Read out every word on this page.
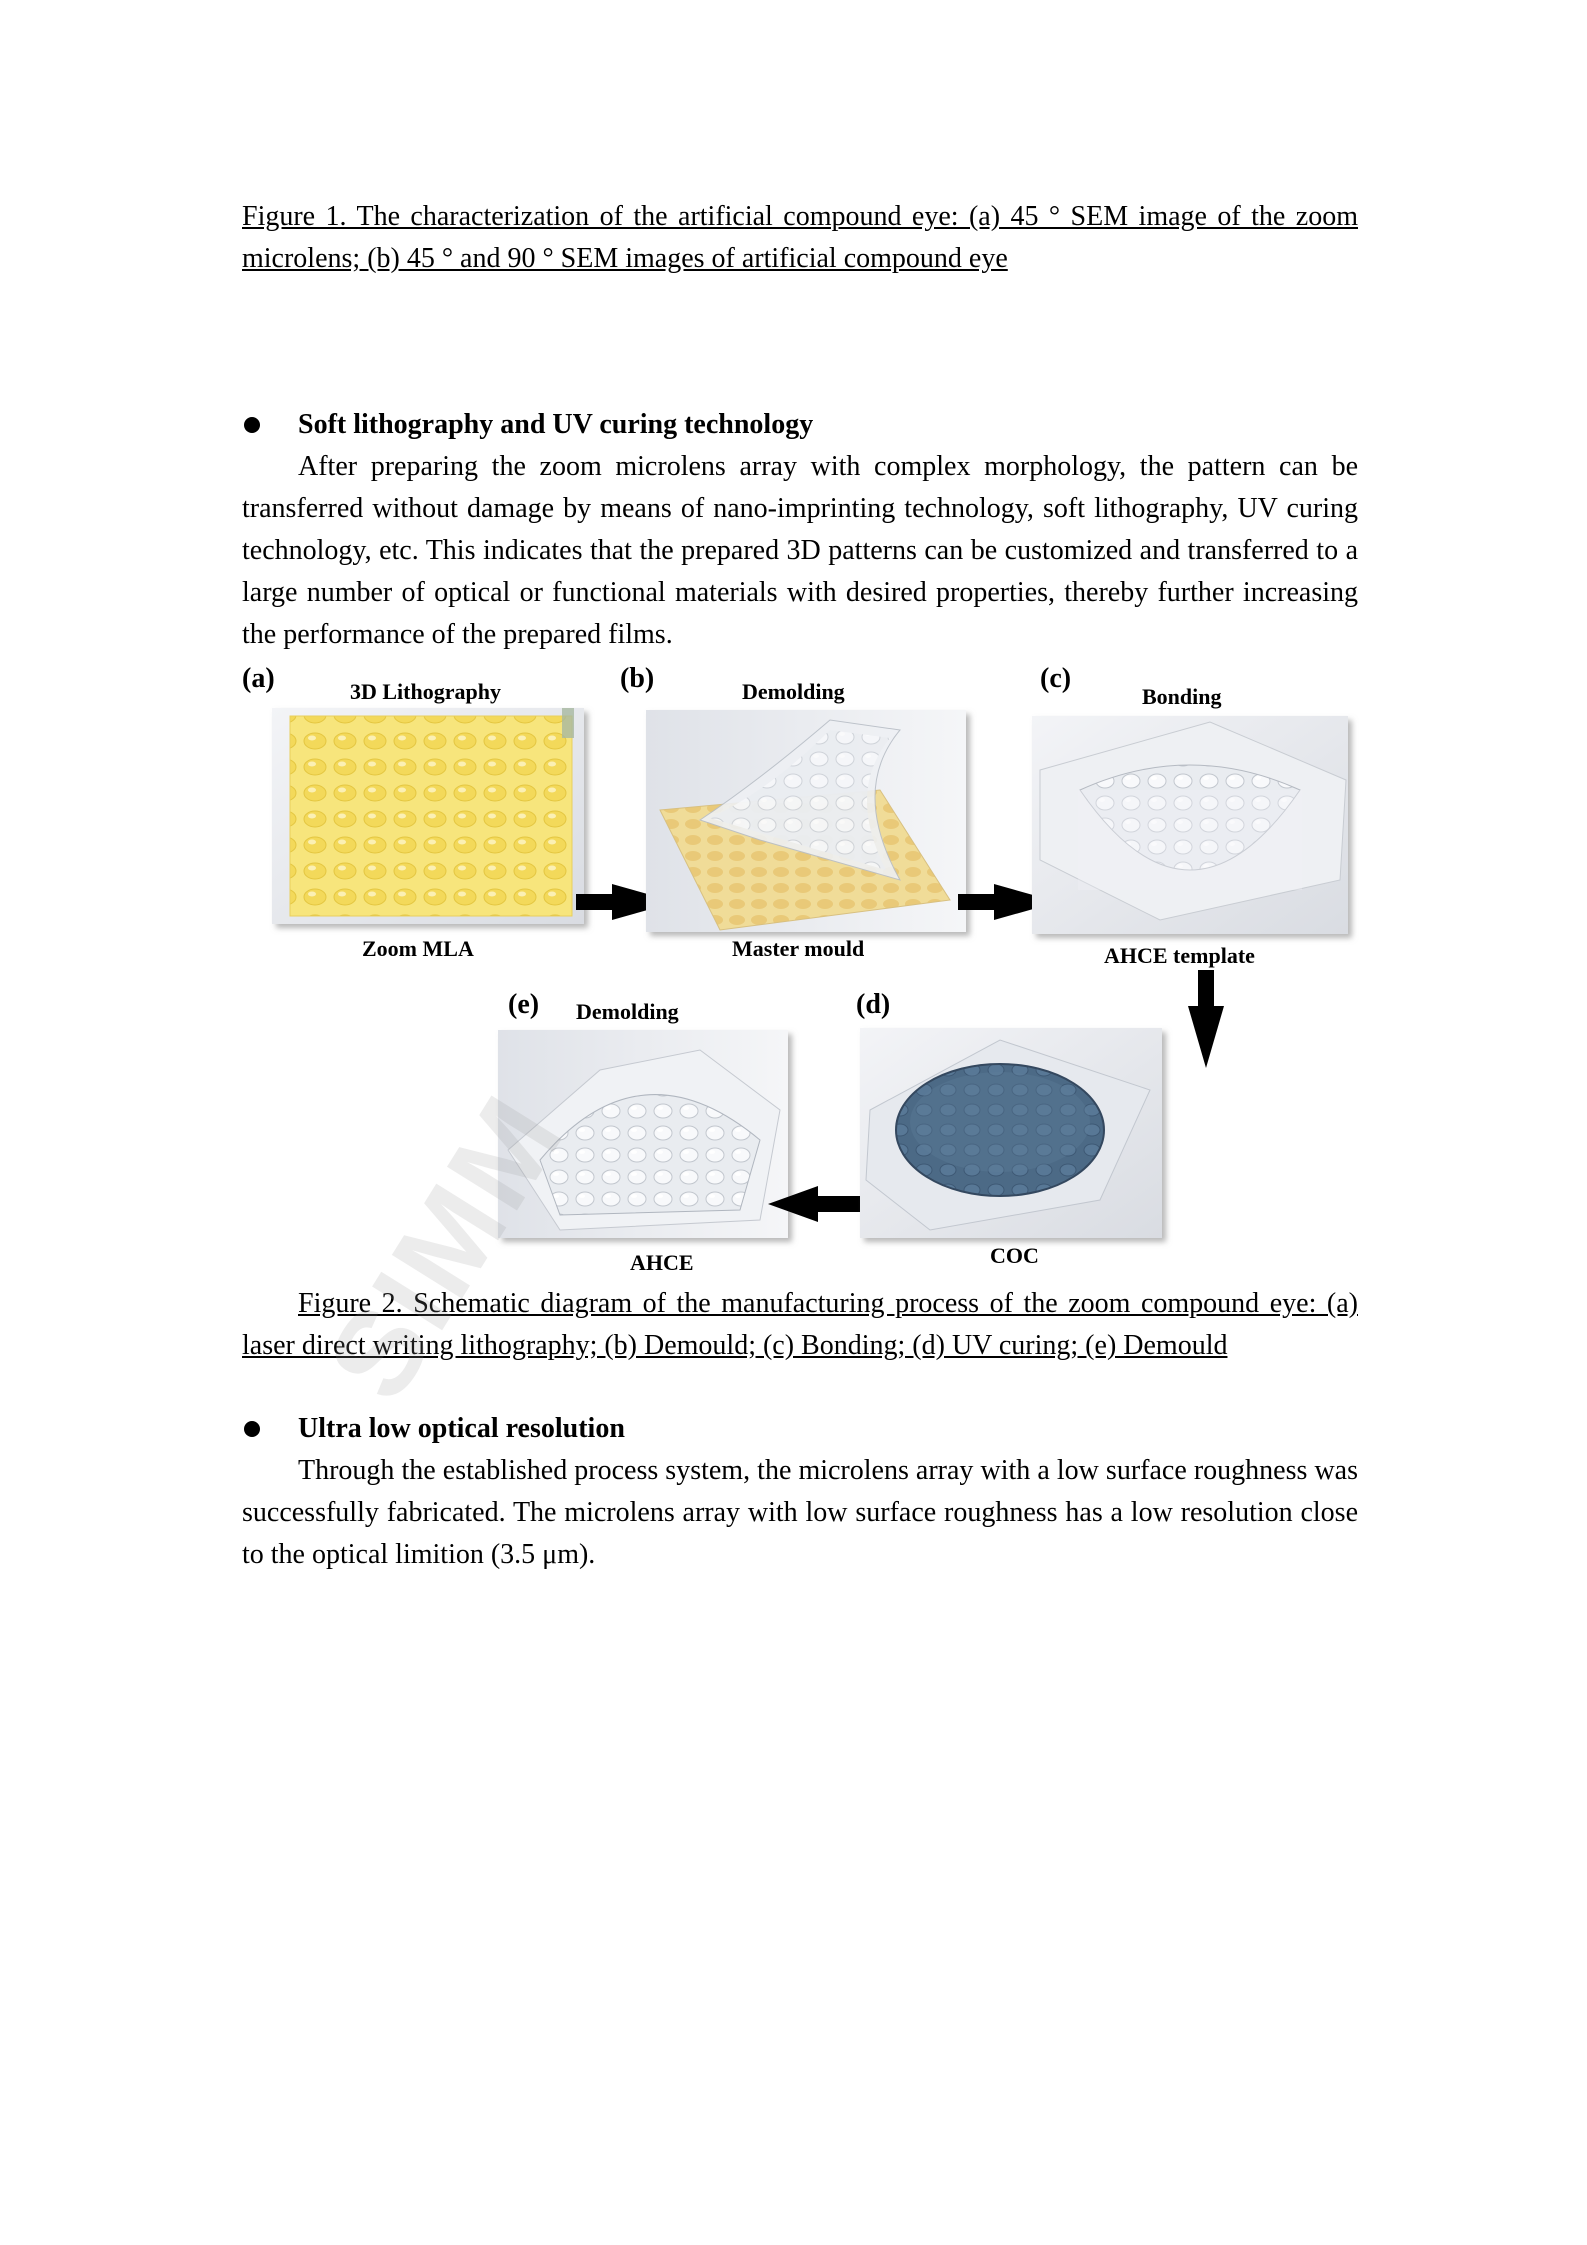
Figure 1. The characterization of the artificial compound eye: (a) 45 ° SEM image of the zoom microlens; (b) 45 ° and 90 ° SEM images of artificial compound eye
Soft lithography and UV curing technology
After preparing the zoom microlens array with complex morphology, the pattern can be transferred without damage by means of nano-imprinting technology, soft lithography, UV curing technology, etc. This indicates that the prepared 3D patterns can be customized and transferred to a large number of optical or functional materials with desired properties, thereby further increasing the performance of the prepared films.
(a)	3D Lithography
Zoom MLA
(b)	Demolding
Master mould
(c)
Bonding
AHCE template
(e) Demolding
AHCE
(d)
COC
Figure 2. Schematic diagram of the manufacturing process of the zoom compound eye: (a) laser direct writing lithography; (b) Demould; (c) Bonding; (d) UV curing; (e) Demould
Ultra low optical resolution
Through the established process system, the microlens array with a low surface roughness was successfully fabricated. The microlens array with low surface roughness has a low resolution close to the optical limition (3.5 μm).
SIMM
